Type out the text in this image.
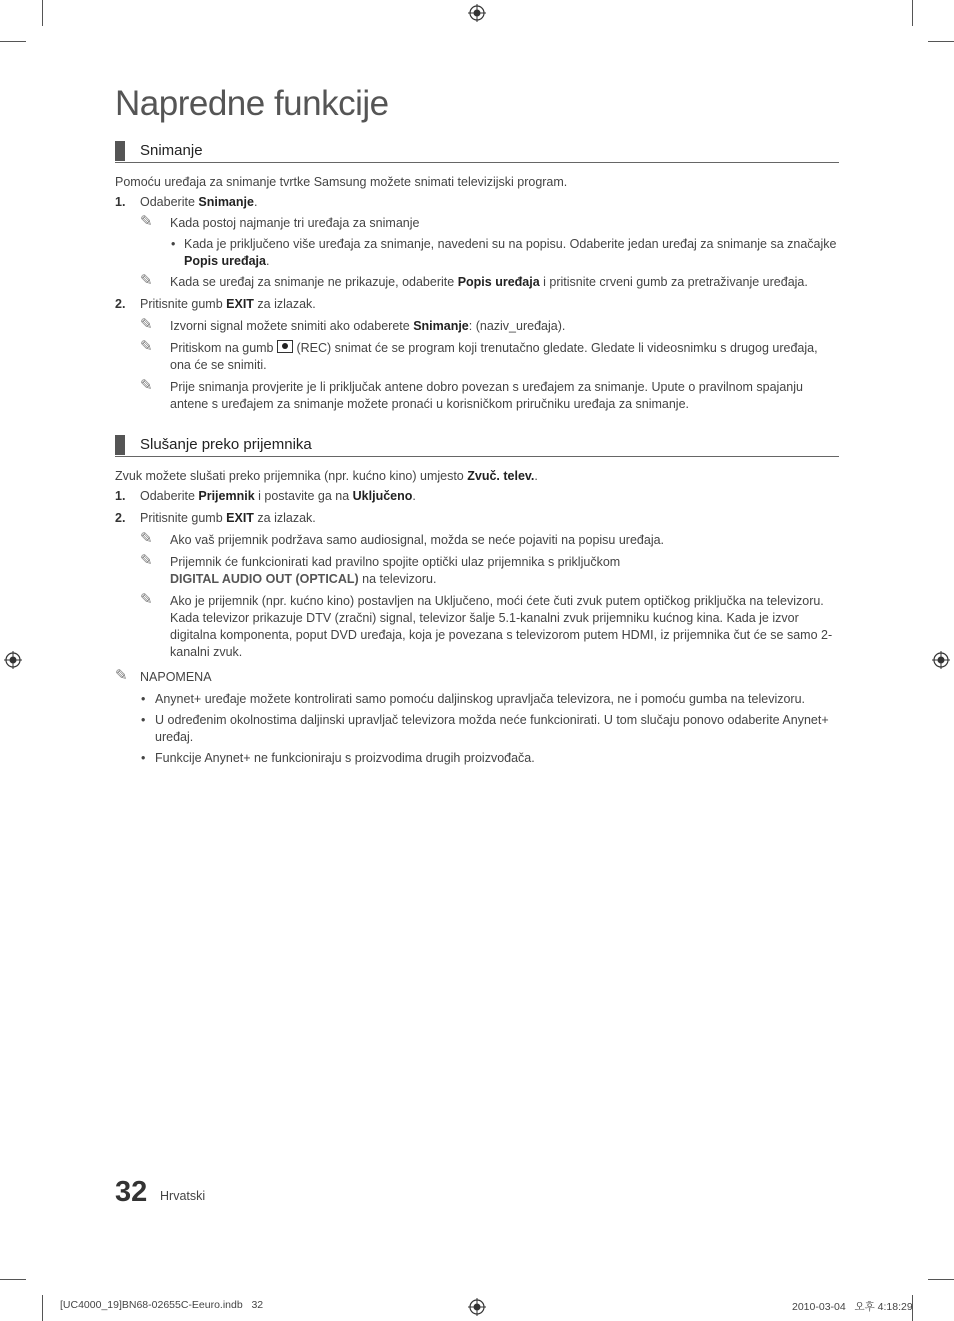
Napredne funkcije
Snimanje
Pomoću uređaja za snimanje tvrtke Samsung možete snimati televizijski program.
1. Odaberite Snimanje.
✎ Kada postoj najmanje tri uređaja za snimanje
• Kada je priključeno više uređaja za snimanje, navedeni su na popisu. Odaberite jedan uređaj za snimanje sa značajke Popis uređaja.
✎ Kada se uređaj za snimanje ne prikazuje, odaberite Popis uređaja i pritisnite crveni gumb za pretraživanje uređaja.
2. Pritisnite gumb EXIT za izlazak.
✎ Izvorni signal možete snimiti ako odaberete Snimanje: (naziv_uređaja).
✎ Pritiskom na gumb
(REC) snimat će se program koji trenutačno gledate. Gledate li videosnimku s drugog uređaja, ona će se snimiti.
✎ Prije snimanja provjerite je li priključak antene dobro povezan s uređajem za snimanje. Upute o pravilnom spajanju antene s uređajem za snimanje možete pronaći u korisničkom priručniku uređaja za snimanje.
Slušanje preko prijemnika
Zvuk možete slušati preko prijemnika (npr. kućno kino) umjesto Zvuč. telev..
1. Odaberite Prijemnik i postavite ga na Uključeno.
2. Pritisnite gumb EXIT za izlazak.
✎ Ako vaš prijemnik podržava samo audiosignal, možda se neće pojaviti na popisu uređaja.
✎ Prijemnik će funkcionirati kad pravilno spojite optički ulaz prijemnika s priključkom
DIGITAL AUDIO OUT (OPTICAL) na televizoru.
✎ Ako je prijemnik (npr. kućno kino) postavljen na Uključeno, moći ćete čuti zvuk putem optičkog priključka na televizoru. Kada televizor prikazuje DTV (zračni) signal, televizor šalje 5.1-kanalni zvuk prijemniku kućnog kina. Kada je izvor digitalna komponenta, poput DVD uređaja, koja je povezana s televizorom putem HDMI, iz prijemnika čut će se samo 2-kanalni zvuk.
✎ NAPOMENA
• Anynet+ uređaje možete kontrolirati samo pomoću daljinskog upravljača televizora, ne i pomoću gumba na televizoru.
• U određenim okolnostima daljinski upravljač televizora možda neće funkcionirati. U tom slučaju ponovo odaberite Anynet+ uređaj.
• Funkcije Anynet+ ne funkcioniraju s proizvodima drugih proizvođača.
32 Hrvatski
[UC4000_19]BN68-02655C-Eeuro.indb   32	2010-03-04   오후 4:18:29
